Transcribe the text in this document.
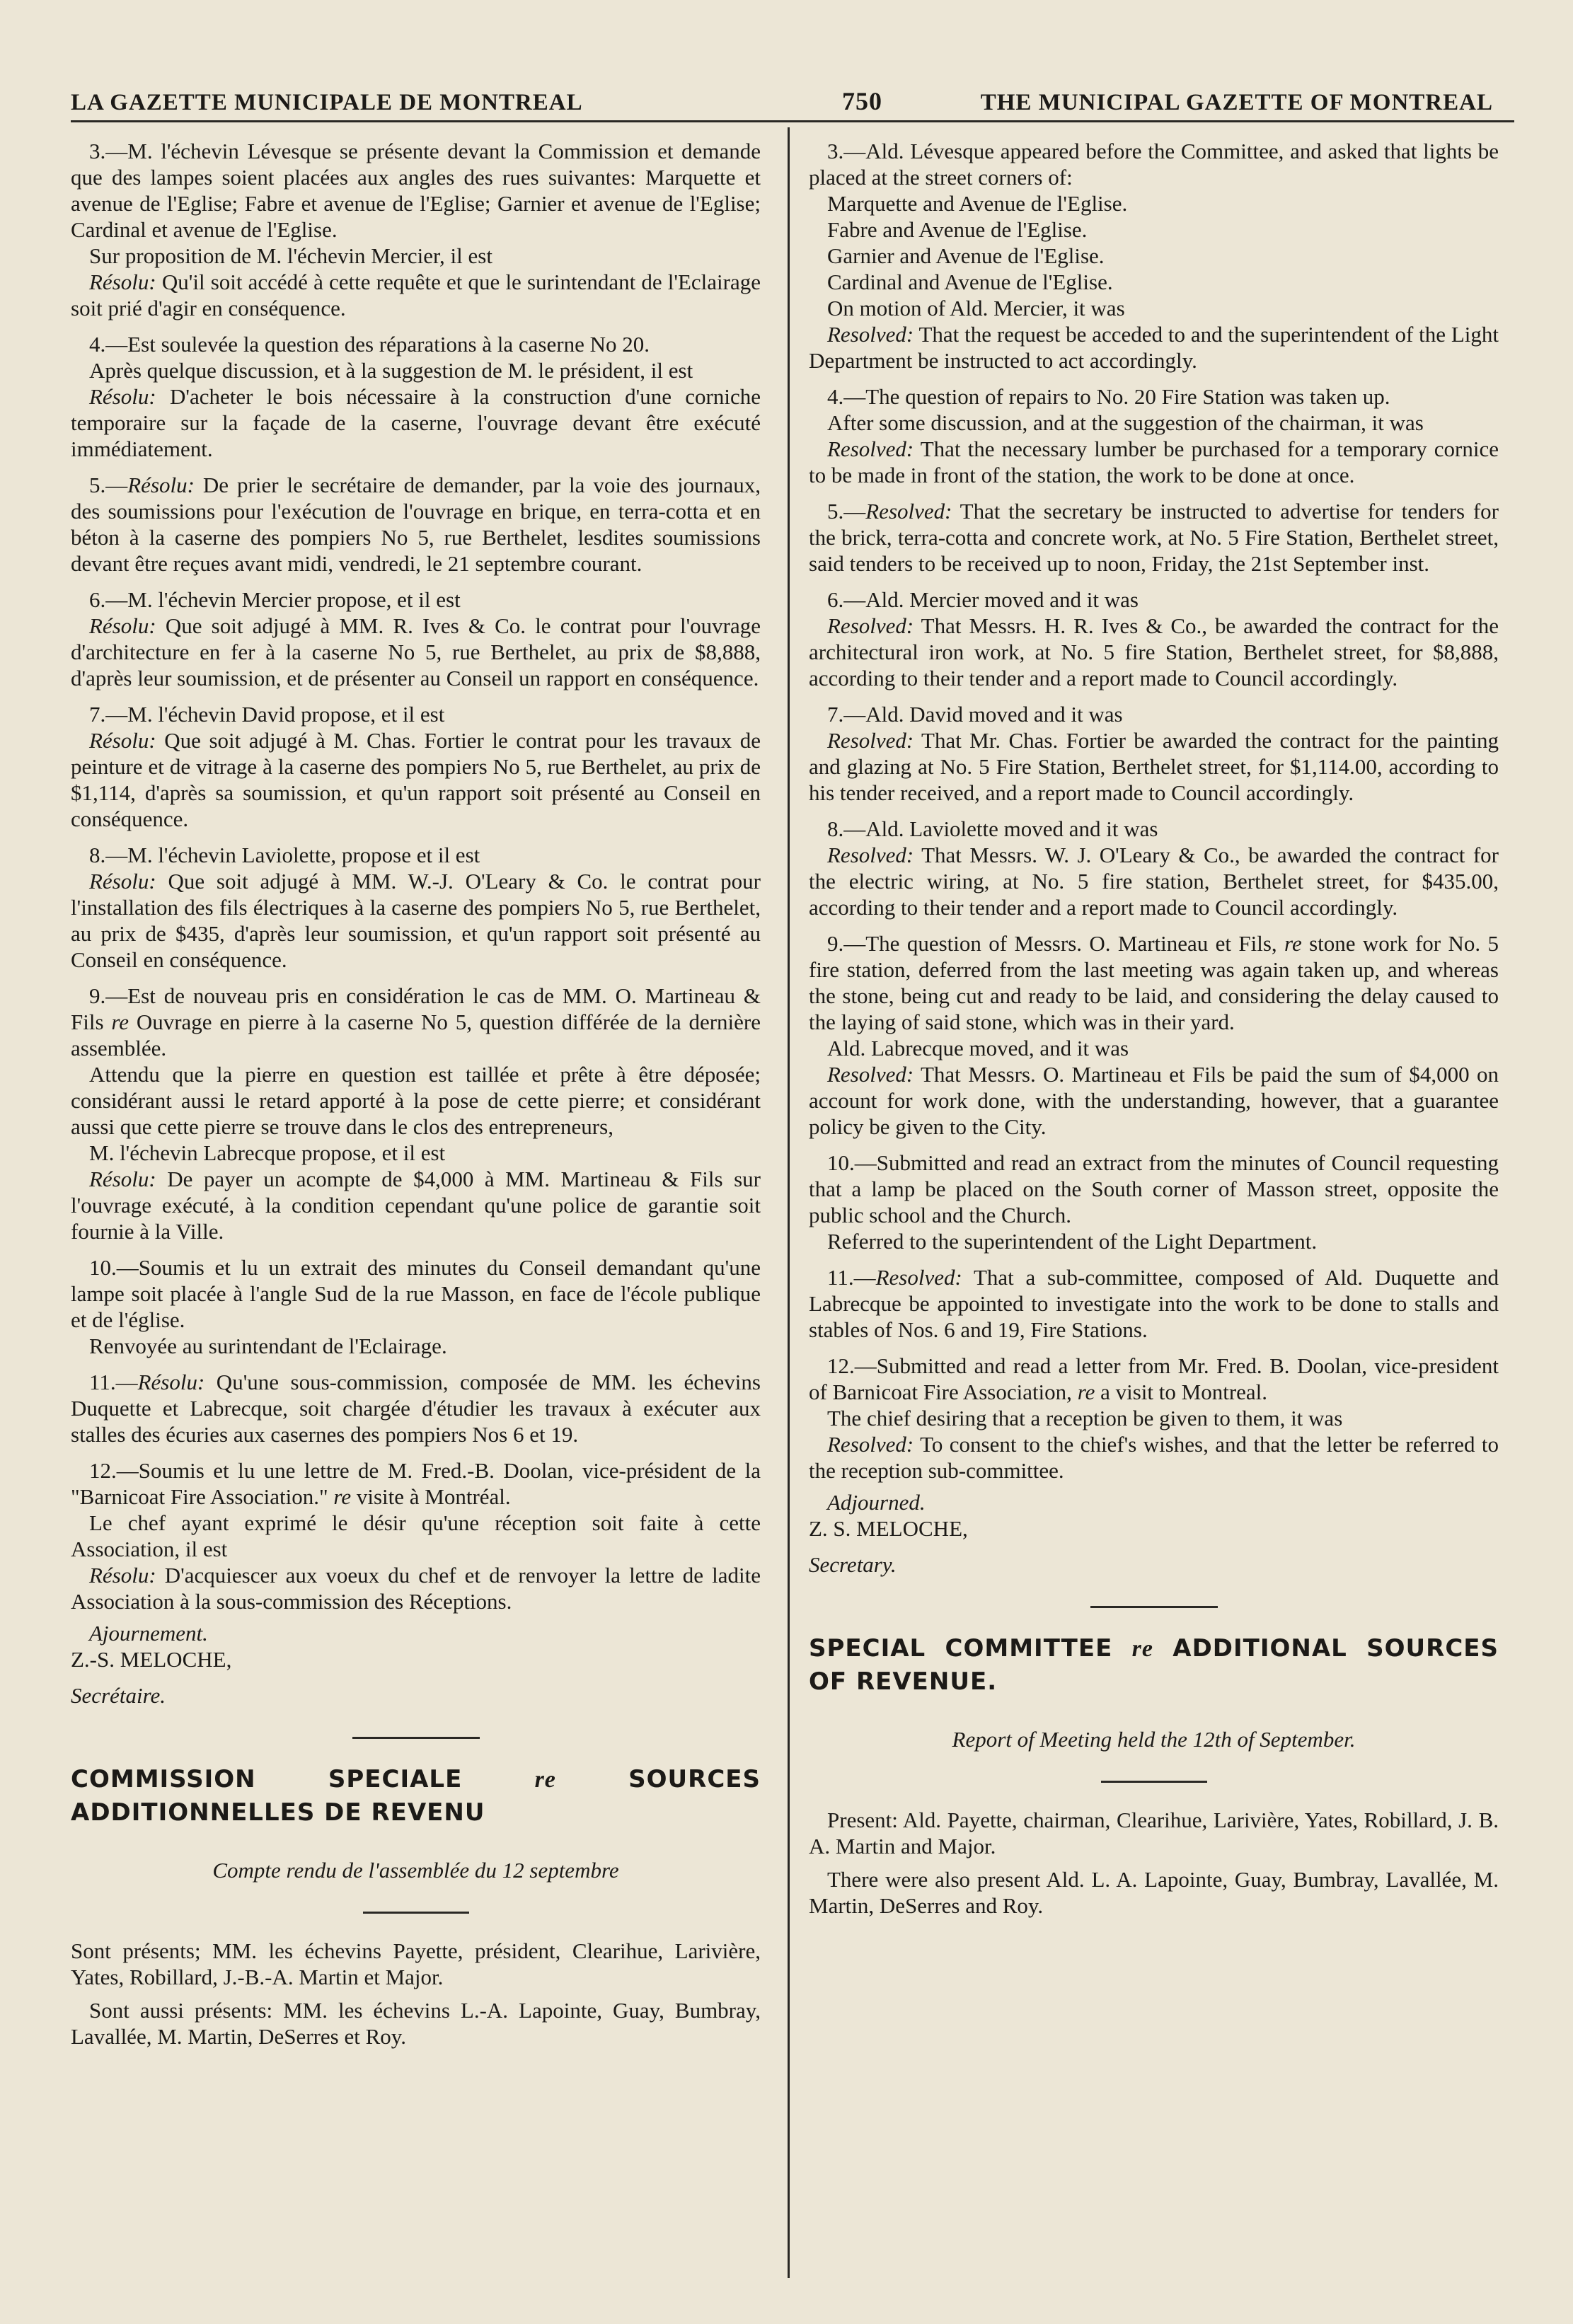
LA GAZETTE MUNICIPALE DE MONTREAL	750	THE MUNICIPAL GAZETTE OF MONTREAL

3.—M. l'échevin Lévesque se présente devant la Commission et demande que des lampes soient placées aux angles des rues suivantes: Marquette et avenue de l'Eglise; Fabre et avenue de l'Eglise; Garnier et avenue de l'Eglise; Cardinal et avenue de l'Eglise.

Sur proposition de M. l'échevin Mercier, il est

Résolu: Qu'il soit accédé à cette requête et que le surintendant de l'Eclairage soit prié d'agir en conséquence.

4.—Est soulevée la question des réparations à la caserne No 20.

Après quelque discussion, et à la suggestion de M. le président, il est

Résolu: D'acheter le bois nécessaire à la construction d'une corniche temporaire sur la façade de la caserne, l'ouvrage devant être exécuté immédiatement.

5.—Résolu: De prier le secrétaire de demander, par la voie des journaux, des soumissions pour l'exécution de l'ouvrage en brique, en terra-cotta et en béton à la caserne des pompiers No 5, rue Berthelet, lesdites soumissions devant être reçues avant midi, vendredi, le 21 septembre courant.

6.—M. l'échevin Mercier propose, et il est

Résolu: Que soit adjugé à MM. R. Ives & Co. le contrat pour l'ouvrage d'architecture en fer à la caserne No 5, rue Berthelet, au prix de $8,888, d'après leur soumission, et de présenter au Conseil un rapport en conséquence.

7.—M. l'échevin David propose, et il est

Résolu: Que soit adjugé à M. Chas. Fortier le contrat pour les travaux de peinture et de vitrage à la caserne des pompiers No 5, rue Berthelet, au prix de $1,114, d'après sa soumission, et qu'un rapport soit présenté au Conseil en conséquence.

8.—M. l'échevin Laviolette, propose et il est

Résolu: Que soit adjugé à MM. W.-J. O'Leary & Co. le contrat pour l'installation des fils électriques à la caserne des pompiers No 5, rue Berthelet, au prix de $435, d'après leur soumission, et qu'un rapport soit présenté au Conseil en conséquence.

9.—Est de nouveau pris en considération le cas de MM. O. Martineau & Fils re Ouvrage en pierre à la caserne No 5, question différée de la dernière assemblée.

Attendu que la pierre en question est taillée et prête à être déposée; considérant aussi le retard apporté à la pose de cette pierre; et considérant aussi que cette pierre se trouve dans le clos des entrepreneurs,

M. l'échevin Labrecque propose, et il est

Résolu: De payer un acompte de $4,000 à MM. Martineau & Fils sur l'ouvrage exécuté, à la condition cependant qu'une police de garantie soit fournie à la Ville.

10.—Soumis et lu un extrait des minutes du Conseil demandant qu'une lampe soit placée à l'angle Sud de la rue Masson, en face de l'école publique et de l'église.

Renvoyée au surintendant de l'Eclairage.

11.—Résolu: Qu'une sous-commission, composée de MM. les échevins Duquette et Labrecque, soit chargée d'étudier les travaux à exécuter aux stalles des écuries aux casernes des pompiers Nos 6 et 19.

12.—Soumis et lu une lettre de M. Fred.-B. Doolan, vice-président de la "Barnicoat Fire Association." re visite à Montréal.

Le chef ayant exprimé le désir qu'une réception soit faite à cette Association, il est

Résolu: D'acquiescer aux voeux du chef et de renvoyer la lettre de ladite Association à la sous-commission des Réceptions.

Ajournement.

Z.-S. MELOCHE,

Secrétaire.

COMMISSION SPECIALE re SOURCES ADDITIONNELLES DE REVENU

Compte rendu de l'assemblée du 12 septembre

Sont présents; MM. les échevins Payette, président, Clearihue, Larivière, Yates, Robillard, J.-B.-A. Martin et Major.

Sont aussi présents: MM. les échevins L.-A. Lapointe, Guay, Bumbray, Lavallée, M. Martin, DeSerres et Roy.

3.—Ald. Lévesque appeared before the Committee, and asked that lights be placed at the street corners of:

Marquette and Avenue de l'Eglise.

Fabre and Avenue de l'Eglise.

Garnier and Avenue de l'Eglise.

Cardinal and Avenue de l'Eglise.

On motion of Ald. Mercier, it was

Resolved: That the request be acceded to and the superintendent of the Light Department be instructed to act accordingly.

4.—The question of repairs to No. 20 Fire Station was taken up.

After some discussion, and at the suggestion of the chairman, it was

Resolved: That the necessary lumber be purchased for a temporary cornice to be made in front of the station, the work to be done at once.

5.—Resolved: That the secretary be instructed to advertise for tenders for the brick, terra-cotta and concrete work, at No. 5 Fire Station, Berthelet street, said tenders to be received up to noon, Friday, the 21st September inst.

6.—Ald. Mercier moved and it was

Resolved: That Messrs. H. R. Ives & Co., be awarded the contract for the architectural iron work, at No. 5 fire Station, Berthelet street, for $8,888, according to their tender and a report made to Council accordingly.

7.—Ald. David moved and it was

Resolved: That Mr. Chas. Fortier be awarded the contract for the painting and glazing at No. 5 Fire Station, Berthelet street, for $1,114.00, according to his tender received, and a report made to Council accordingly.

8.—Ald. Laviolette moved and it was

Resolved: That Messrs. W. J. O'Leary & Co., be awarded the contract for the electric wiring, at No. 5 fire station, Berthelet street, for $435.00, according to their tender and a report made to Council accordingly.

9.—The question of Messrs. O. Martineau et Fils, re stone work for No. 5 fire station, deferred from the last meeting was again taken up, and whereas the stone, being cut and ready to be laid, and considering the delay caused to the laying of said stone, which was in their yard.

Ald. Labrecque moved, and it was

Resolved: That Messrs. O. Martineau et Fils be paid the sum of $4,000 on account for work done, with the understanding, however, that a guarantee policy be given to the City.

10.—Submitted and read an extract from the minutes of Council requesting that a lamp be placed on the South corner of Masson street, opposite the public school and the Church.

Referred to the superintendent of the Light Department.

11.—Resolved: That a sub-committee, composed of Ald. Duquette and Labrecque be appointed to investigate into the work to be done to stalls and stables of Nos. 6 and 19, Fire Stations.

12.—Submitted and read a letter from Mr. Fred. B. Doolan, vice-president of Barnicoat Fire Association, re a visit to Montreal.

The chief desiring that a reception be given to them, it was

Resolved: To consent to the chief's wishes, and that the letter be referred to the reception sub-committee.

Adjourned.

Z. S. MELOCHE,

Secretary.

SPECIAL COMMITTEE re ADDITIONAL SOURCES OF REVENUE.

Report of Meeting held the 12th of September.

Present: Ald. Payette, chairman, Clearihue, Larivière, Yates, Robillard, J. B. A. Martin and Major.

There were also present Ald. L. A. Lapointe, Guay, Bumbray, Lavallée, M. Martin, DeSerres and Roy.
